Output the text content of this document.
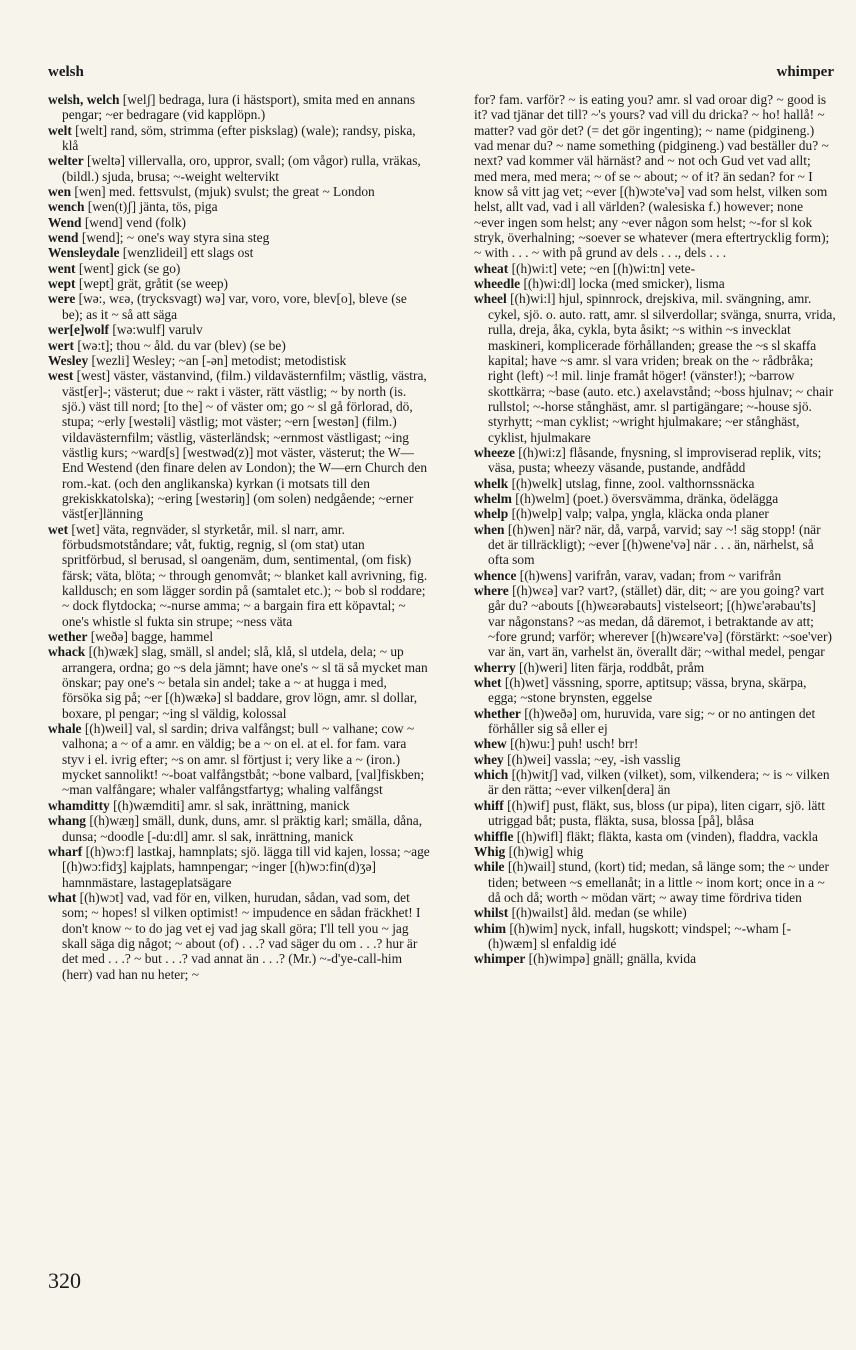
welsh	whimper

welsh, welch [welʃ] bedraga, lura (i hästsport), smita med en annans pengar; ~er bedragare (vid kapplöpn.)

welt [welt] rand, söm, strimma (efter piskslag) (wale); randsy, piska, klå

welter [weltə] villervalla, oro, uppror, svall; (om vågor) rulla, vräkas, (bildl.) sjuda, brusa; ~-weight weltervikt

wen [wen] med. fettsvulst, (mjuk) svulst; the great ~ London

wench [wen(t)ʃ] jänta, tös, piga

Wend [wend] vend (folk)

wend [wend]; ~ one's way styra sina steg

Wensleydale [wenzlideil] ett slags ost

went [went] gick (se go)

wept [wept] grät, gråtit (se weep)

were [wə:, wɛə, (trycksvagt) wə] var, voro, vore, blev[o], bleve (se be); as it ~ så att säga

wer[e]wolf [wə:wulf] varulv

wert [wə:t]; thou ~ åld. du var (blev) (se be)

Wesley [wezli] Wesley; ~an [-ən] metodist; metodistisk

west [west] väster, västanvind, (film.) vildavästernfilm; västlig, västra, väst[er]-; västerut; due ~ rakt i väster, rätt västlig; ~ by north (is. sjö.) väst till nord; [to the] ~ of väster om; go ~ sl gå förlorad, dö, stupa; ~erly [westəli] västlig; mot väster; ~ern [westən] (film.) vildavästernfilm; västlig, västerländsk; ~ernmost västligast; ~ing västlig kurs; ~ward[s] [westwəd(z)] mot väster, västerut; the W— End Westend (den finare delen av London); the W—ern Church den rom.-kat. (och den anglikanska) kyrkan (i motsats till den grekiskkatolska); ~ering [westəriŋ] (om solen) nedgående; ~erner väst[er]länning

wet [wet] väta, regnväder, sl styrketår, mil. sl narr, amr. förbudsmotståndare; våt, fuktig, regnig, sl (om stat) utan spritförbud, sl berusad, sl oangenäm, dum, sentimental, (om fisk) färsk; väta, blöta; ~ through genomvåt; ~ blanket kall avrivning, fig. kalldusch; en som lägger sordin på (samtalet etc.); ~ bob sl roddare; ~ dock flytdocka; ~-nurse amma; ~ a bargain fira ett köpavtal; ~ one's whistle sl fukta sin strupe; ~ness väta

wether [weðə] bagge, hammel

whack [(h)wæk] slag, smäll, sl andel; slå, klå, sl utdela, dela; ~ up arrangera, ordna; go ~s dela jämnt; have one's ~ sl tä så mycket man önskar; pay one's ~ betala sin andel; take a ~ at hugga i med, försöka sig på; ~er [(h)wækə] sl baddare, grov lögn, amr. sl dollar, boxare, pl pengar; ~ing sl väldig, kolossal

whale [(h)weil] val, sl sardin; driva valfångst; bull ~ valhane; cow ~ valhona; a ~ of a amr. en väldig; be a ~ on el. at el. for fam. vara styv i el. ivrig efter; ~s on amr. sl förtjust i; very like a ~ (iron.) mycket sannolikt! ~-boat valfångstbåt; ~bone valbard, [val]fiskben; ~man valfångare; whaler valfångstfartyg; whaling valfångst

whamditty [(h)wæmditi] amr. sl sak, inrättning, manick

whang [(h)wæŋ] smäll, dunk, duns, amr. sl präktig karl; smälla, dåna, dunsa; ~doodle [-du:dl] amr. sl sak, inrättning, manick

wharf [(h)wɔ:f] lastkaj, hamnplats; sjö. lägga till vid kajen, lossa; ~age [(h)wɔ:fidʒ] kajplats, hamnpengar; ~inger [(h)wɔ:fin(d)ʒə] hamnmästare, lastageplatsägare

what [(h)wɔt] vad, vad för en, vilken, hurudan, sådan, vad som, det som; ~ hopes! sl vilken optimist! ~ impudence en sådan fräckhet! I don't know ~ to do jag vet ej vad jag skall göra; I'll tell you ~ jag skall säga dig något; ~ about (of) . . .? vad säger du om . . .? hur är det med . . .? ~ but . . .? vad annat än . . .? (Mr.) ~-d'ye-call-him (herr) vad han nu heter; ~

for? fam. varför? ~ is eating you? amr. sl vad oroar dig? ~ good is it? vad tjänar det till? ~'s yours? vad vill du dricka? ~ ho! hallå! ~ matter? vad gör det? (= det gör ingenting); ~ name (pidgineng.) vad menar du? ~ name something (pidgineng.) vad beställer du? ~ next? vad kommer väl härnäst? and ~ not och Gud vet vad allt; med mera, med mera; ~ of se ~ about; ~ of it? än sedan? for ~ I know så vitt jag vet; ~ever [(h)wɔte'və] vad som helst, vilken som helst, allt vad, vad i all världen? (walesiska f.) however; none ~ever ingen som helst; any ~ever någon som helst; ~-for sl kok stryk, överhalning; ~soever se whatever (mera eftertrycklig form); ~ with . . . ~ with på grund av dels . . ., dels . . .

wheat [(h)wi:t] vete; ~en [(h)wi:tn] vete-

wheedle [(h)wi:dl] locka (med smicker), lisma

wheel [(h)wi:l] hjul, spinnrock, drejskiva, mil. svängning, amr. cykel, sjö. o. auto. ratt, amr. sl silverdollar; svänga, snurra, vrida, rulla, dreja, åka, cykla, byta åsikt; ~s within ~s invecklat maskineri, komplicerade förhållanden; grease the ~s sl skaffa kapital; have ~s amr. sl vara vriden; break on the ~ rådbråka; right (left) ~! mil. linje framåt höger! (vänster!); ~barrow skottkärra; ~base (auto. etc.) axelavstånd; ~boss hjulnav; ~ chair rullstol; ~-horse stånghäst, amr. sl partigängare; ~-house sjö. styrhytt; ~man cyklist; ~wright hjulmakare; ~er stånghäst, cyklist, hjulmakare

wheeze [(h)wi:z] flåsande, fnysning, sl improviserad replik, vits; väsa, pusta; wheezy väsande, pustande, andfådd

whelk [(h)welk] utslag, finne, zool. valthornssnäcka

whelm [(h)welm] (poet.) översvämma, dränka, ödelägga

whelp [(h)welp] valp; valpa, yngla, kläcka onda planer

when [(h)wen] när? när, då, varpå, varvid; say ~! säg stopp! (när det är tillräckligt); ~ever [(h)wene'və] när . . . än, närhelst, så ofta som

whence [(h)wens] varifrån, varav, vadan; from ~ varifrån

where [(h)wɛə] var? vart?, (stället) där, dit; ~ are you going? vart går du? ~abouts [(h)wɛərəbauts] vistelseort; [(h)wɛ'ərəbau'ts] var någonstans? ~as medan, då däremot, i betraktande av att; ~fore grund; varför; wherever [(h)wɛəre'və] (förstärkt: ~soe'ver) var än, vart än, varhelst än, överallt där; ~withal medel, pengar

wherry [(h)weri] liten färja, roddbåt, pråm

whet [(h)wet] vässning, sporre, aptitsup; vässa, bryna, skärpa, egga; ~stone brynsten, eggelse

whether [(h)weðə] om, huruvida, vare sig; ~ or no antingen det förhåller sig så eller ej

whew [(h)wu:] puh! usch! brr!

whey [(h)wei] vassla; ~ey, -ish vasslig

which [(h)witʃ] vad, vilken (vilket), som, vilkendera; ~ is ~ vilken är den rätta; ~ever vilken[dera] än

whiff [(h)wif] pust, fläkt, sus, bloss (ur pipa), liten cigarr, sjö. lätt utriggad båt; pusta, fläkta, susa, blossa [på], blåsa

whiffle [(h)wifl] fläkt; fläkta, kasta om (vinden), fladdra, vackla

Whig [(h)wig] whig

while [(h)wail] stund, (kort) tid; medan, så länge som; the ~ under tiden; between ~s emellanåt; in a little ~ inom kort; once in a ~ då och då; worth ~ mödan värt; ~ away time fördriva tiden

whilst [(h)wailst] åld. medan (se while)

whim [(h)wim] nyck, infall, hugskott; vindspel; ~-wham [-(h)wæm] sl enfaldig idé

whimper [(h)wimpə] gnäll; gnälla, kvida

320
